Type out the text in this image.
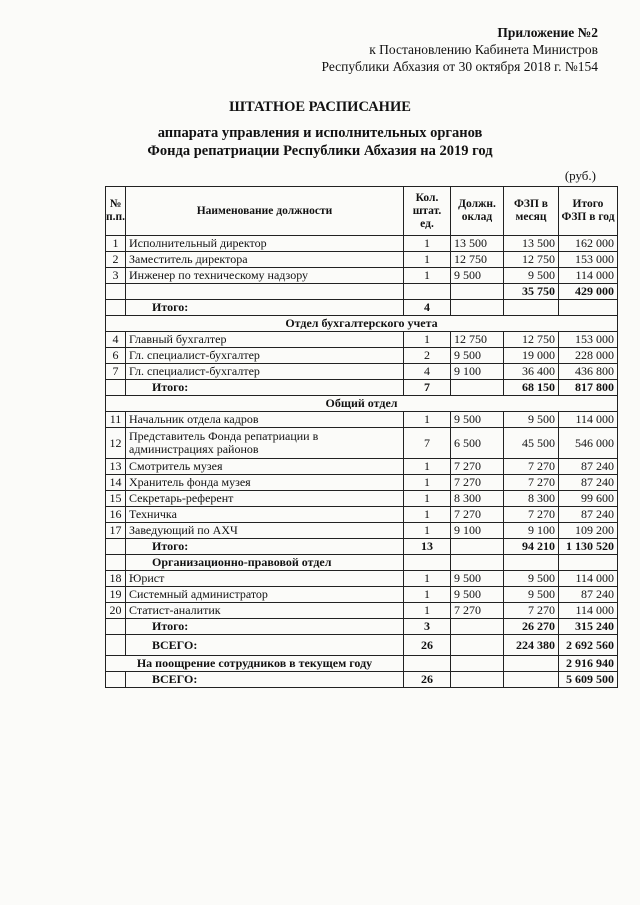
Приложение №2
к Постановлению Кабинета Министров
Республики Абхазия от 30 октября 2018 г. №154
ШТАТНОЕ РАСПИСАНИЕ
аппарата управления и исполнительных органов
Фонда репатриации Республики Абхазия на 2019 год
(руб.)
№ п.п.	Наименование должности	Кол. штат. ед.	Должн. оклад	ФЗП в месяц	Итого ФЗП в год
1	Исполнительный директор	1	13 500	13 500	162 000
2	Заместитель директора	1	12 750	12 750	153 000
3	Инженер по техническому надзору	1	9 500	9 500	114 000
				35 750	429 000
	Итого:	4			
Отдел бухгалтерского учета					
4	Главный бухгалтер	1	12 750	12 750	153 000
6	Гл. специалист-бухгалтер	2	9 500	19 000	228 000
7	Гл. специалист-бухгалтер	4	9 100	36 400	436 800
	Итого:	7		68 150	817 800
Общий отдел					
11	Начальник отдела кадров	1	9 500	9 500	114 000
12	Представитель Фонда репатриации в администрациях районов	7	6 500	45 500	546 000
13	Смотритель музея	1	7 270	7 270	87 240
14	Хранитель фонда музея	1	7 270	7 270	87 240
15	Секретарь-референт	1	8 300	8 300	99 600
16	Техничка	1	7 270	7 270	87 240
17	Заведующий по АХЧ	1	9 100	9 100	109 200
	Итого:	13		94 210	1 130 520
	Организационно-правовой отдел				
18	Юрист	1	9 500	9 500	114 000
19	Системный администратор	1	9 500	9 500	87 240
20	Статист-аналитик	1	7 270	7 270	114 000
	Итого:	3		26 270	315 240
	ВСЕГО:	26		224 380	2 692 560
На поощрение сотрудников в текущем году					2 916 940
	ВСЕГО:	26			5 609 500
